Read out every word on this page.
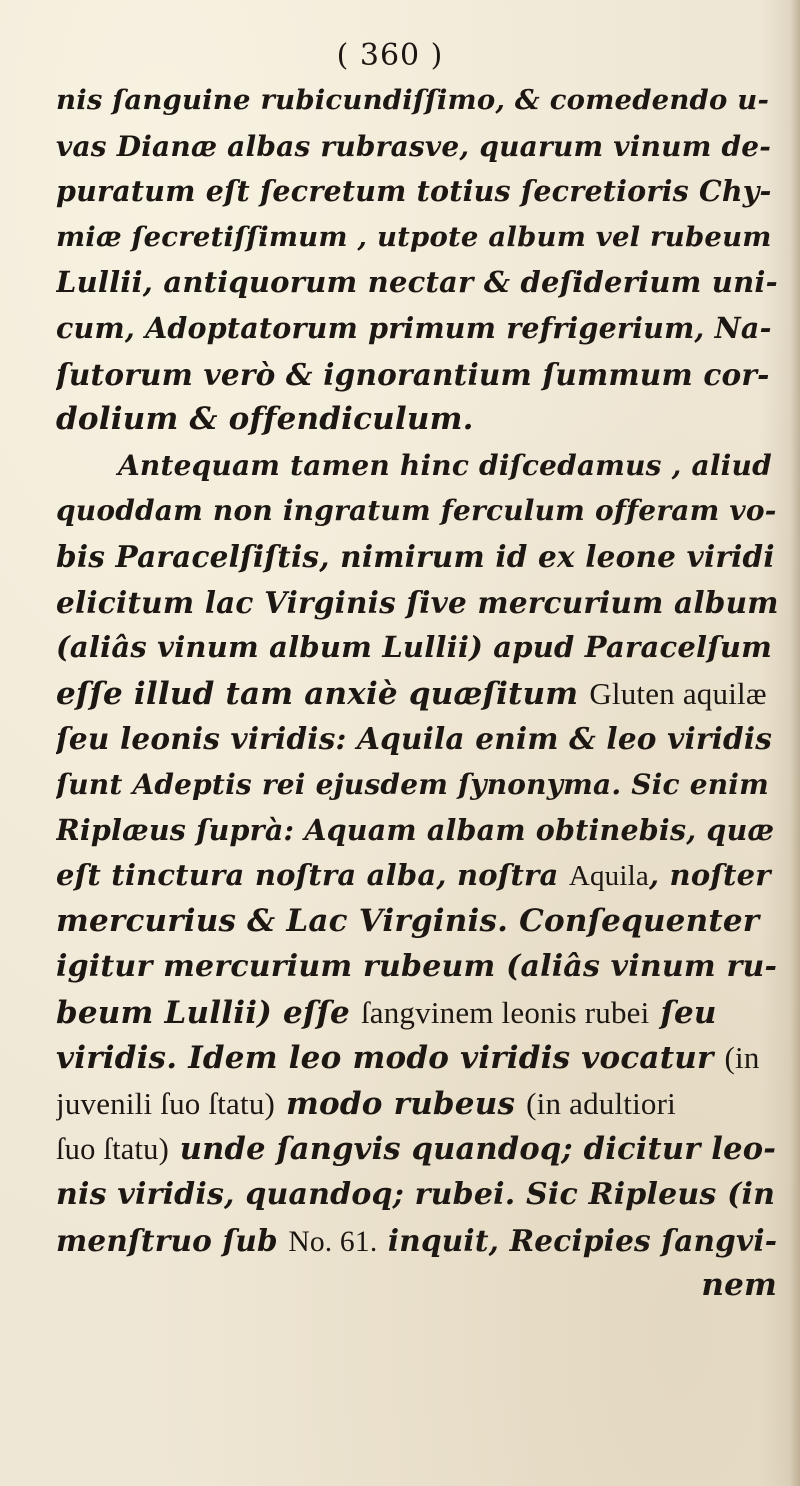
( 360 )
nis ſanguine rubicundiſſimo, & comedendo u-
vas Dianæ albas rubrasve, quarum vinum de-
puratum eſt ſecretum totius ſecretioris Chy-
miæ ſecretiſſimum , utpote album vel rubeum
Lullii, antiquorum nectar & deſiderium uni-
cum, Adoptatorum primum refrigerium, Na-
ſutorum verò & ignorantium ſummum cor-
dolium & offendiculum.
Antequam tamen hinc diſcedamus , aliud
quoddam non ingratum ferculum offeram vo-
bis Paracelſiſtis, nimirum id ex leone viridi
elicitum lac Virginis ſive mercurium album
(aliâs vinum album Lullii) apud Paracelſum
eſſe illud tam anxiè quæſitum Gluten aquilæ
ſeu leonis viridis: Aquila enim & leo viridis
ſunt Adeptis rei ejusdem ſynonyma. Sic enim
Riplæus ſuprà: Aquam albam obtinebis, quæ
eſt tinctura noſtra alba, noſtra Aquila, noſter
mercurius & Lac Virginis. Conſequenter
igitur mercurium rubeum (aliâs vinum ru-
beum Lullii) eſſe ſangvinem leonis rubei ſeu
viridis. Idem leo modo viridis vocatur (in
juvenili ſuo ſtatu) modo rubeus (in adultiori
ſuo ſtatu) unde ſangvis quandoq; dicitur leo-
nis viridis, quandoq; rubei. Sic Ripleus (in
menſtruo ſub No. 61. inquit, Recipies ſangvi-
nem
